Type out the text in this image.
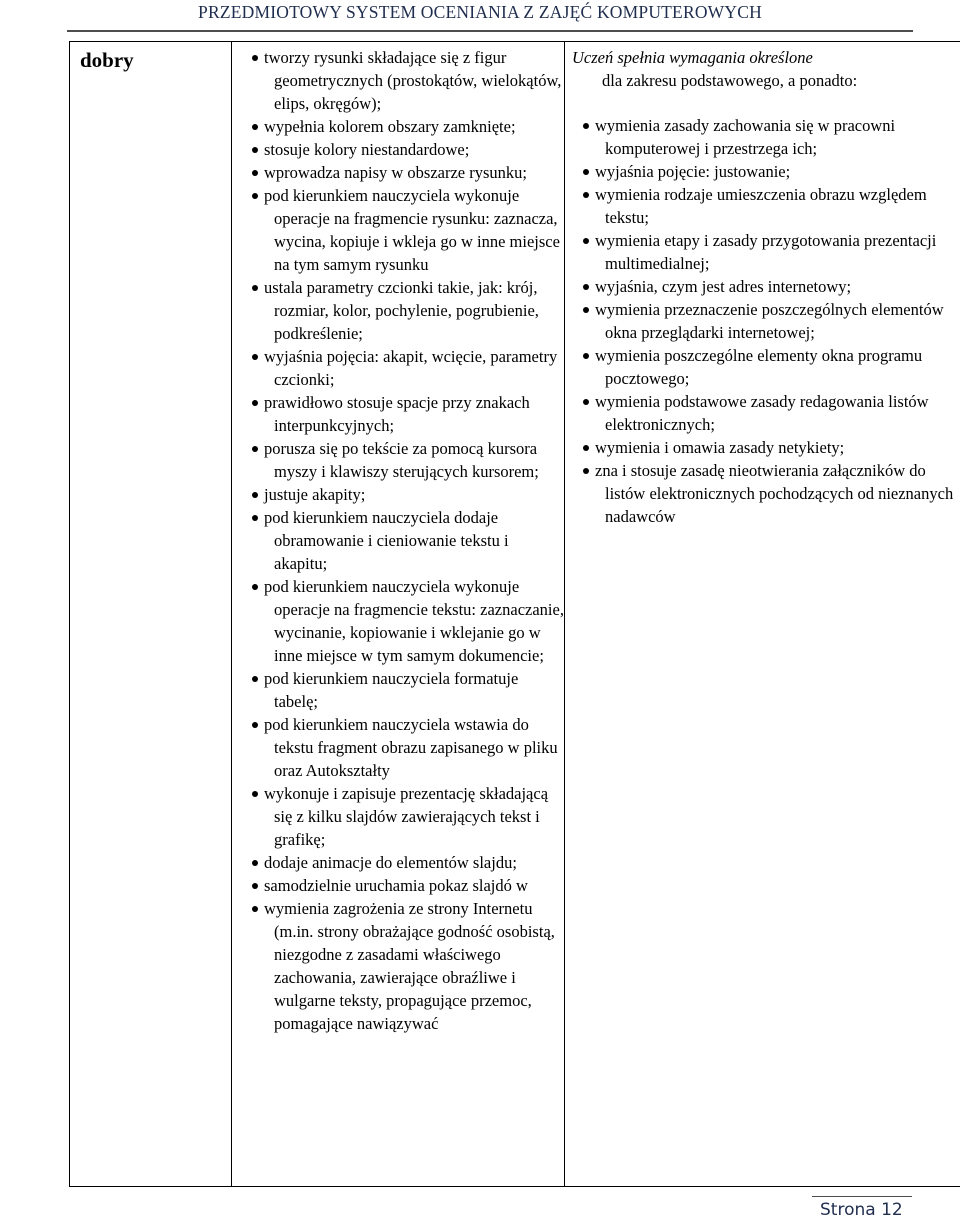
PRZEDMIOTOWY SYSTEM OCENIANIA Z ZAJĘĆ KOMPUTEROWYCH
dobry	tworzy rysunki składające się z figur geometrycznych (prostokątów, wielokątów, elips, okręgów);
wypełnia kolorem obszary zamknięte;
stosuje kolory niestandardowe;
wprowadza napisy w obszarze rysunku;
pod kierunkiem nauczyciela wykonuje operacje na fragmencie rysunku: zaznacza, wycina, kopiuje i wkleja go w inne miejsce na tym samym rysunku
ustala parametry czcionki takie, jak: krój, rozmiar, kolor, pochylenie, pogrubienie, podkreślenie;
wyjaśnia pojęcia: akapit, wcięcie, parametry czcionki;
prawidłowo stosuje spacje przy znakach interpunkcyjnych;
porusza się po tekście za pomocą kursora myszy i klawiszy sterujących kursorem;
justuje akapity;
pod kierunkiem nauczyciela dodaje obramowanie i cieniowanie tekstu i akapitu;
pod kierunkiem nauczyciela wykonuje operacje na fragmencie tekstu: zaznaczanie, wycinanie, kopiowanie i wklejanie go w inne miejsce w tym samym dokumencie;
pod kierunkiem nauczyciela formatuje tabelę;
pod kierunkiem nauczyciela wstawia do tekstu fragment obrazu zapisanego w pliku oraz Autokształty
wykonuje i zapisuje prezentację składającą się z kilku slajdów zawierających tekst i grafikę;
dodaje animacje do elementów slajdu;
samodzielnie uruchamia pokaz slajdó w
wymienia zagrożenia ze strony Internetu (m.in. strony obrażające godność osobistą, niezgodne z zasadami właściwego zachowania, zawierające obraźliwe i wulgarne teksty, propagujące przemoc, pomagające nawiązywać

Uczeń spełnia wymagania określone

dla zakresu podstawowego, a ponadto:

wymienia zasady zachowania się w pracowni komputerowej i przestrzega ich;
wyjaśnia pojęcie: justowanie;
wymienia rodzaje umieszczenia obrazu względem tekstu;
wymienia etapy i zasady przygotowania prezentacji multimedialnej;
wyjaśnia, czym jest adres internetowy;
wymienia przeznaczenie poszczególnych elementów okna przeglądarki internetowej;
wymienia poszczególne elementy okna programu pocztowego;
wymienia podstawowe zasady redagowania listów elektronicznych;
wymienia i omawia zasady netykiety;
zna i stosuje zasadę nieotwierania załączników do listów elektronicznych pochodzących od nieznanych nadawców
Strona 12
